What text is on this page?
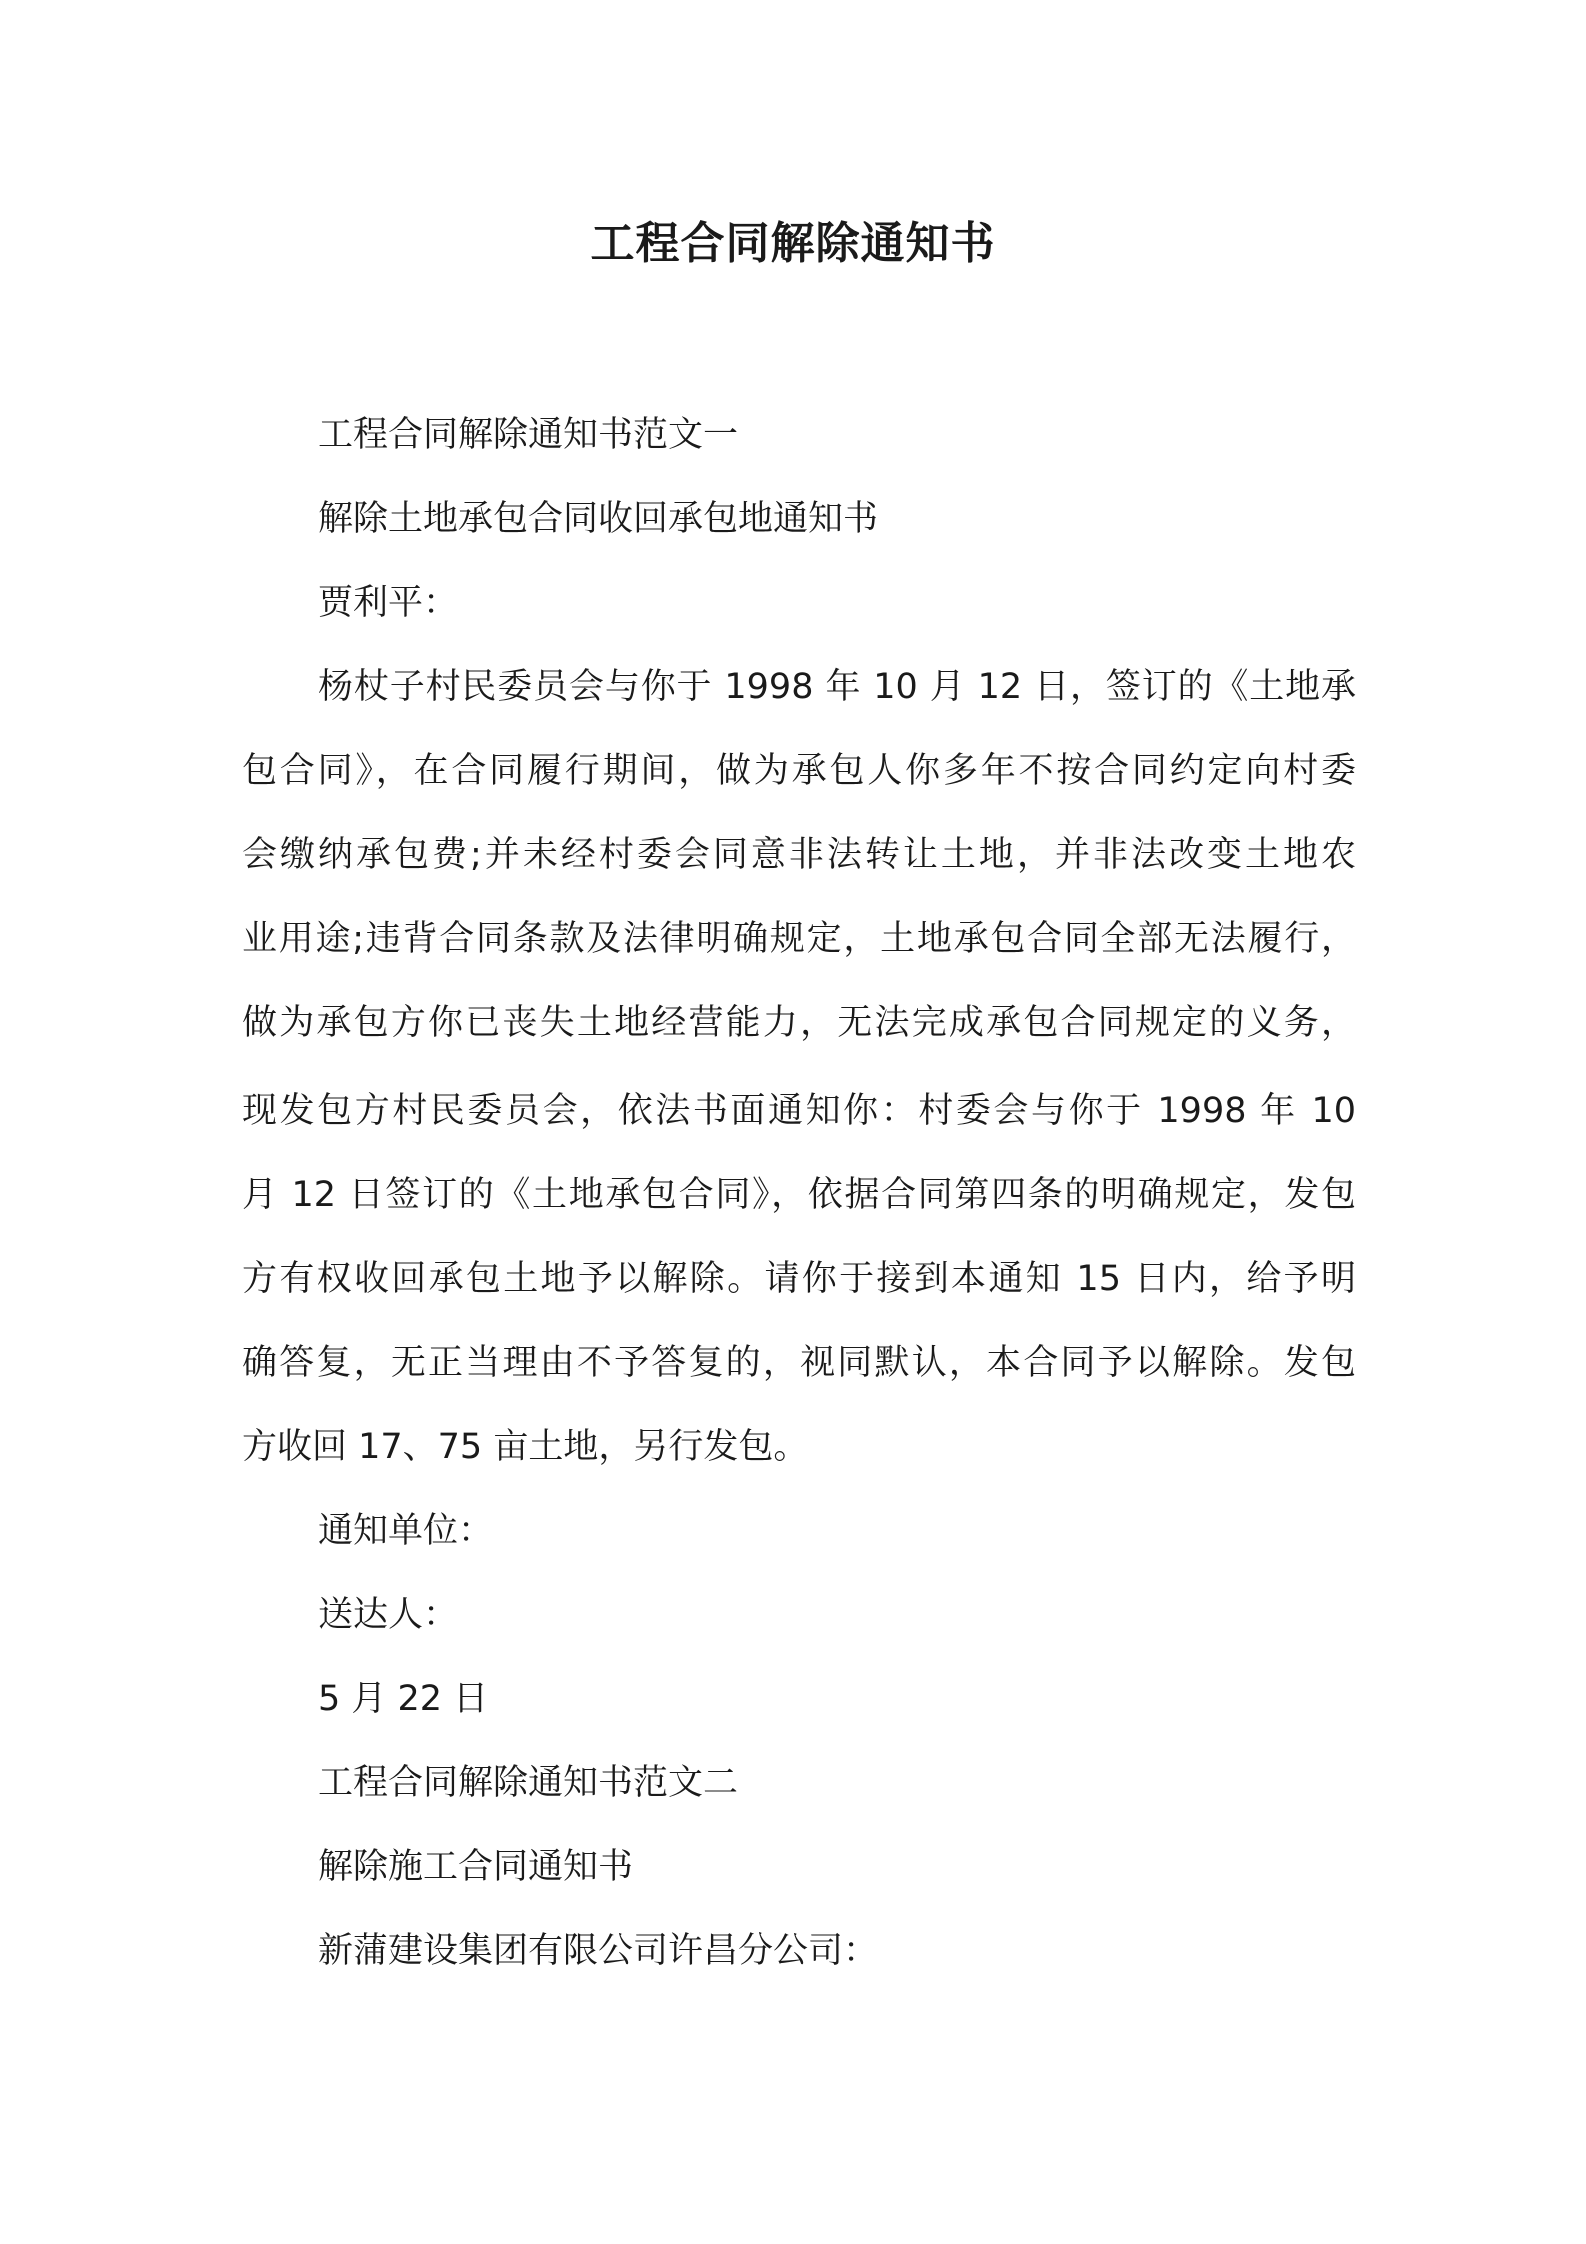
工程合同解除通知书
工程合同解除通知书范文一
解除土地承包合同收回承包地通知书
贾利平：
杨杖子村民委员会与你于 1998 年 10 月 12 日，签订的《土地承
包合同》，在合同履行期间，做为承包人你多年不按合同约定向村委
会缴纳承包费;并未经村委会同意非法转让土地，并非法改变土地农
业用途;违背合同条款及法律明确规定，土地承包合同全部无法履行，
做为承包方你已丧失土地经营能力，无法完成承包合同规定的义务，
现发包方村民委员会，依法书面通知你：村委会与你于 1998 年 10
月 12 日签订的《土地承包合同》，依据合同第四条的明确规定，发包
方有权收回承包土地予以解除。请你于接到本通知 15 日内，给予明
确答复，无正当理由不予答复的，视同默认，本合同予以解除。发包
方收回 17、75 亩土地，另行发包。
通知单位：
送达人：
5 月 22 日
工程合同解除通知书范文二
解除施工合同通知书
新蒲建设集团有限公司许昌分公司：
